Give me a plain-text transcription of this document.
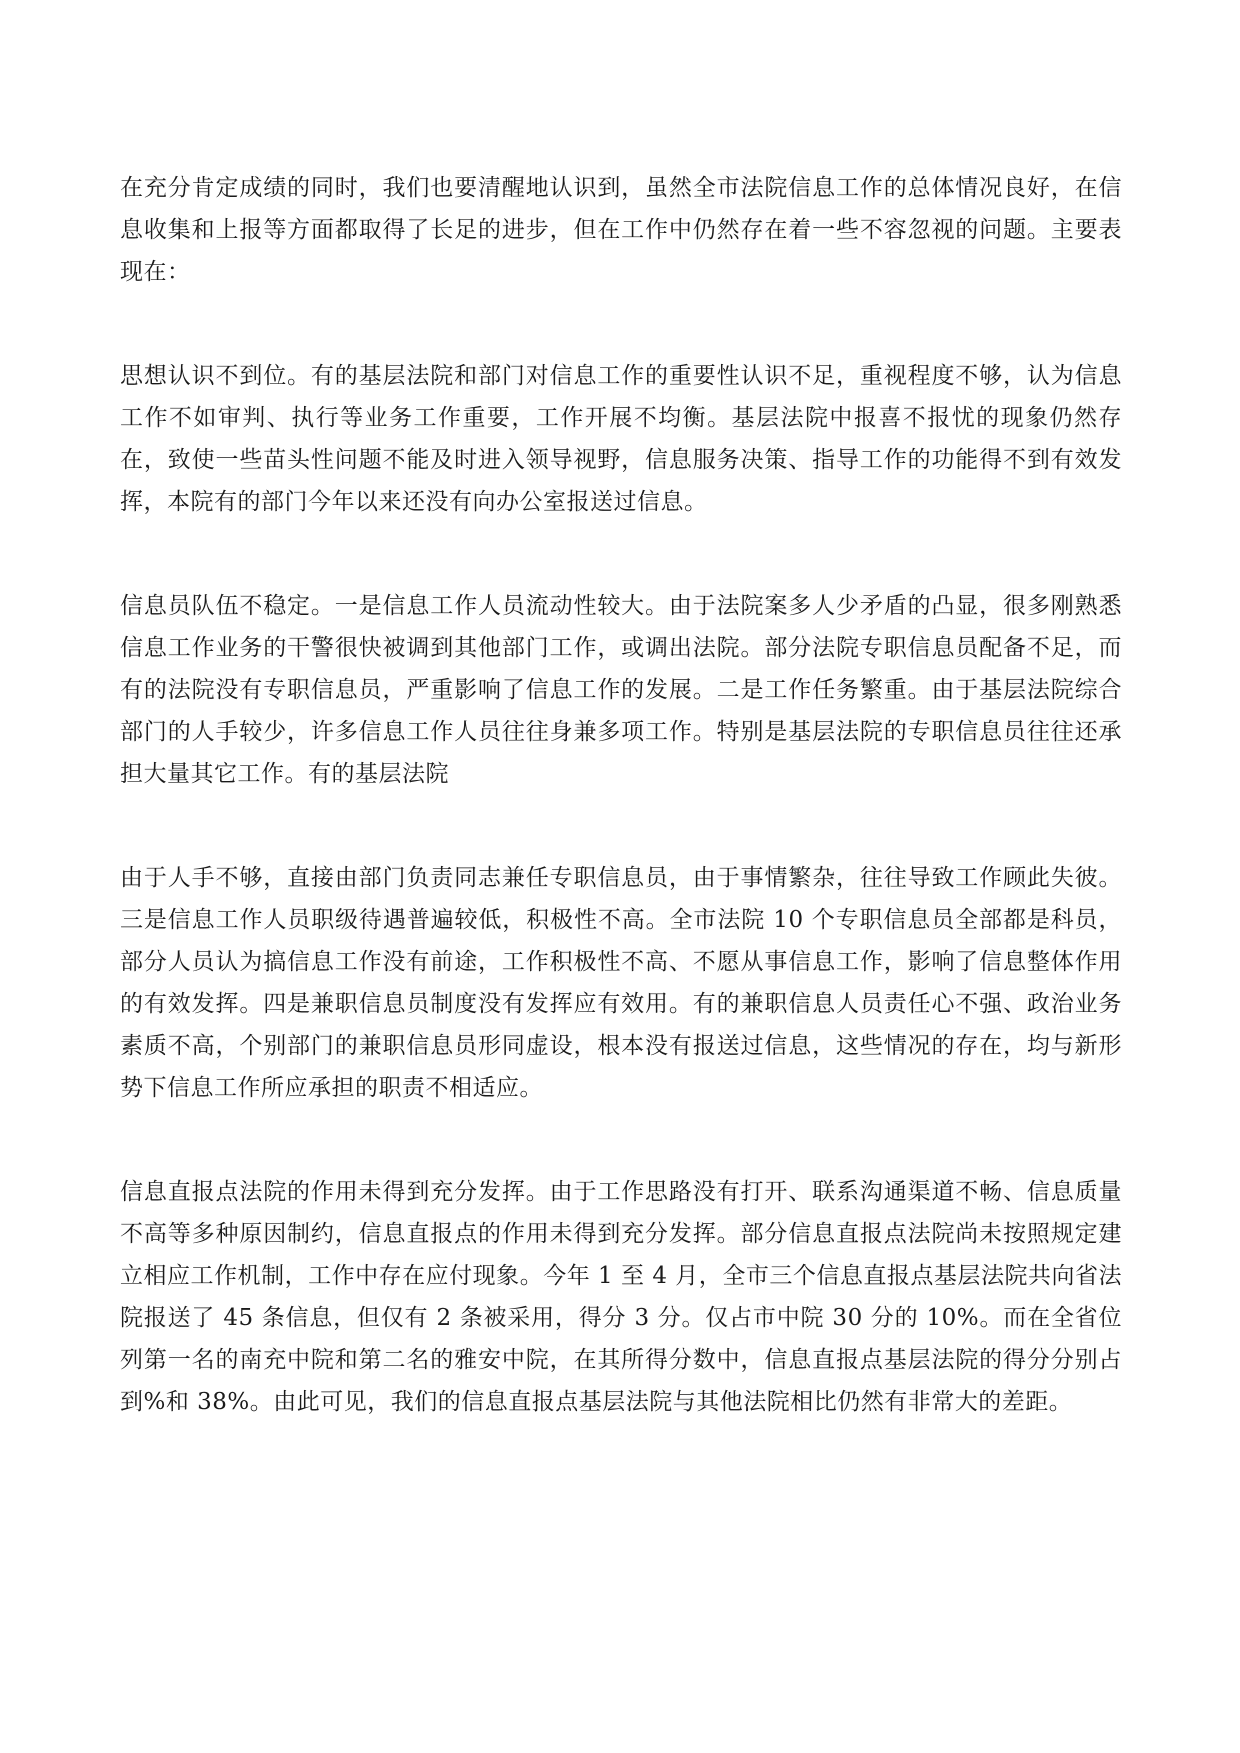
在充分肯定成绩的同时，我们也要清醒地认识到，虽然全市法院信息工作的总体情况良好，在信息收集和上报等方面都取得了长足的进步，但在工作中仍然存在着一些不容忽视的问题。主要表现在：

思想认识不到位。有的基层法院和部门对信息工作的重要性认识不足，重视程度不够，认为信息工作不如审判、执行等业务工作重要，工作开展不均衡。基层法院中报喜不报忧的现象仍然存在，致使一些苗头性问题不能及时进入领导视野，信息服务决策、指导工作的功能得不到有效发挥，本院有的部门今年以来还没有向办公室报送过信息。

信息员队伍不稳定。一是信息工作人员流动性较大。由于法院案多人少矛盾的凸显，很多刚熟悉信息工作业务的干警很快被调到其他部门工作，或调出法院。部分法院专职信息员配备不足，而有的法院没有专职信息员，严重影响了信息工作的发展。二是工作任务繁重。由于基层法院综合部门的人手较少，许多信息工作人员往往身兼多项工作。特别是基层法院的专职信息员往往还承担大量其它工作。有的基层法院

由于人手不够，直接由部门负责同志兼任专职信息员，由于事情繁杂，往往导致工作顾此失彼。三是信息工作人员职级待遇普遍较低，积极性不高。全市法院 10 个专职信息员全部都是科员，部分人员认为搞信息工作没有前途，工作积极性不高、不愿从事信息工作，影响了信息整体作用的有效发挥。四是兼职信息员制度没有发挥应有效用。有的兼职信息人员责任心不强、政治业务素质不高，个别部门的兼职信息员形同虚设，根本没有报送过信息，这些情况的存在，均与新形势下信息工作所应承担的职责不相适应。

信息直报点法院的作用未得到充分发挥。由于工作思路没有打开、联系沟通渠道不畅、信息质量不高等多种原因制约，信息直报点的作用未得到充分发挥。部分信息直报点法院尚未按照规定建立相应工作机制，工作中存在应付现象。今年 1 至 4 月，全市三个信息直报点基层法院共向省法院报送了 45 条信息，但仅有 2 条被采用，得分 3 分。仅占市中院 30 分的 10%。而在全省位列第一名的南充中院和第二名的雅安中院，在其所得分数中，信息直报点基层法院的得分分别占到%和 38%。由此可见，我们的信息直报点基层法院与其他法院相比仍然有非常大的差距。
